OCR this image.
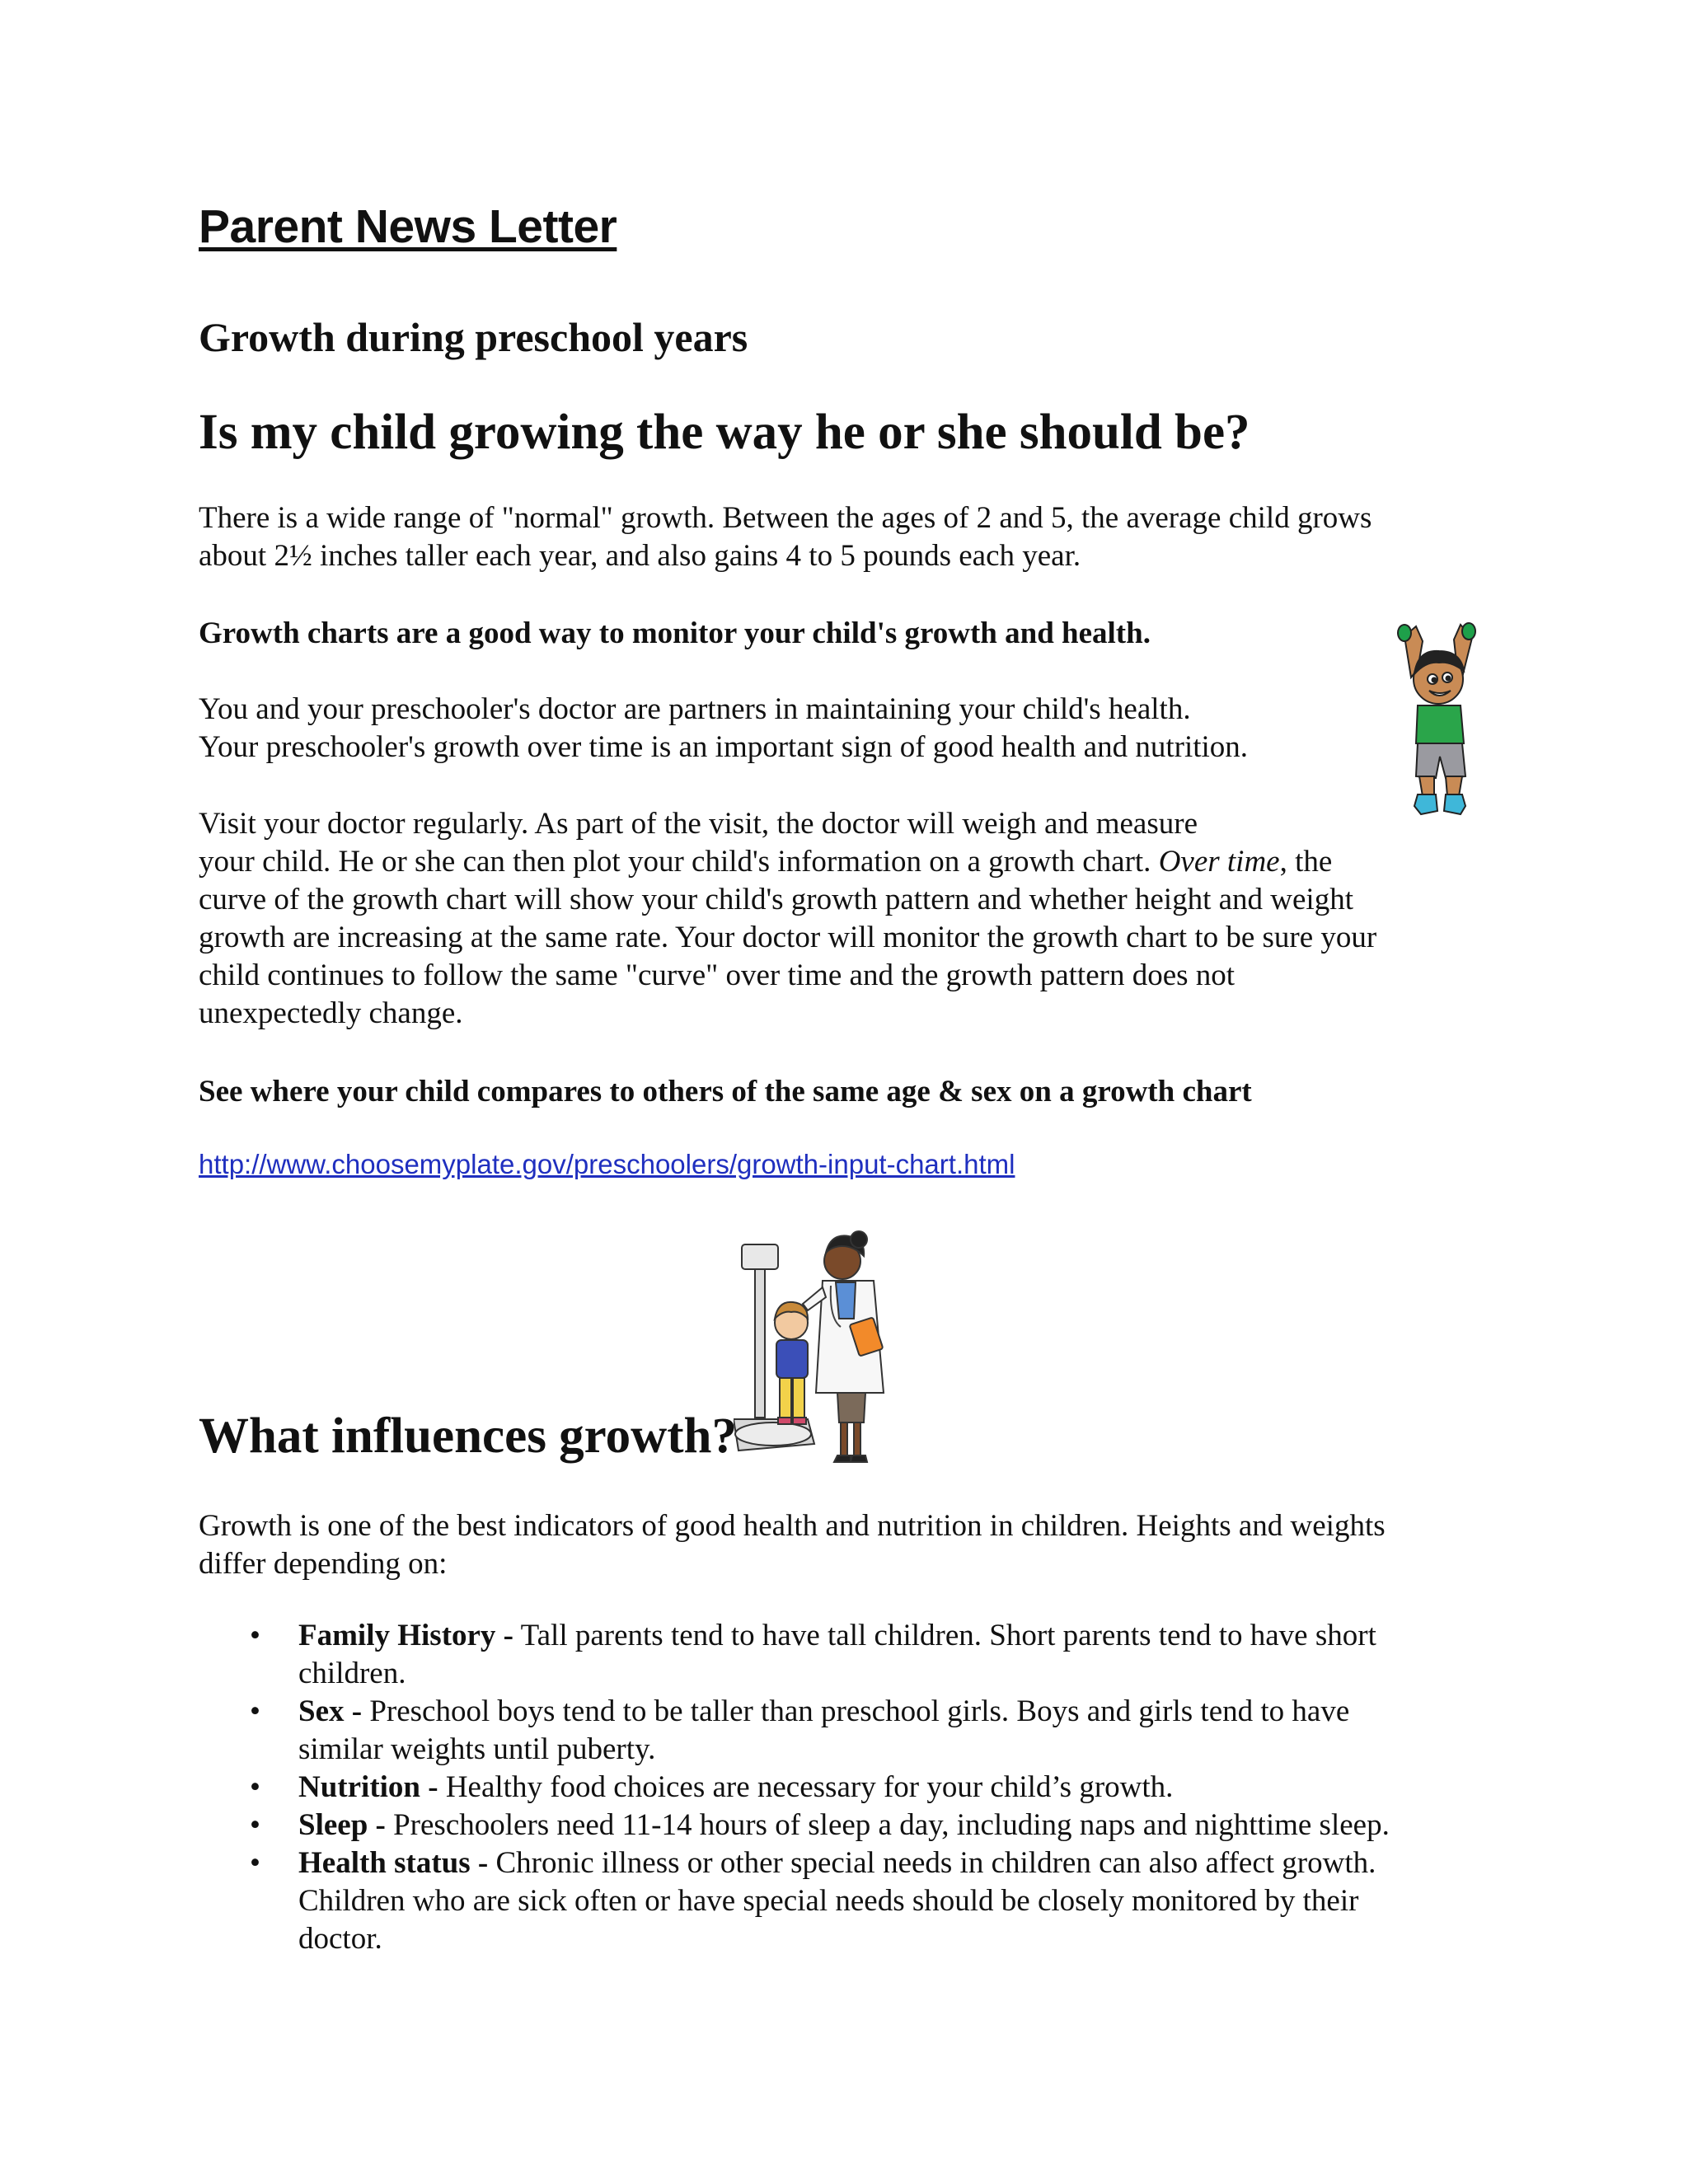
Parent News Letter
Growth during preschool years
Is my child growing the way he or she should be?

There is a wide range of "normal" growth. Between the ages of 2 and 5, the average child grows
about 2½ inches taller each year, and also gains 4 to 5 pounds each year.

Growth charts are a good way to monitor your child's growth and health.

You and your preschooler's doctor are partners in maintaining your child's health.
Your preschooler's growth over time is an important sign of good health and nutrition.

Visit your doctor regularly. As part of the visit, the doctor will weigh and measure
your child. He or she can then plot your child's information on a growth chart. Over time, the
curve of the growth chart will show your child's growth pattern and whether height and weight
growth are increasing at the same rate. Your doctor will monitor the growth chart to be sure your
child continues to follow the same "curve" over time and the growth pattern does not
unexpectedly change.

See where your child compares to others of the same age & sex on a growth chart

http://www.choosemyplate.gov/preschoolers/growth-input-chart.html
What influences growth?

Growth is one of the best indicators of good health and nutrition in children. Heights and weights
differ depending on:

• Family History - Tall parents tend to have tall children. Short parents tend to have short
children.
• Sex - Preschool boys tend to be taller than preschool girls. Boys and girls tend to have
similar weights until puberty.
• Nutrition - Healthy food choices are necessary for your child’s growth.
• Sleep - Preschoolers need 11-14 hours of sleep a day, including naps and nighttime sleep.
• Health status - Chronic illness or other special needs in children can also affect growth.
Children who are sick often or have special needs should be closely monitored by their
doctor.
